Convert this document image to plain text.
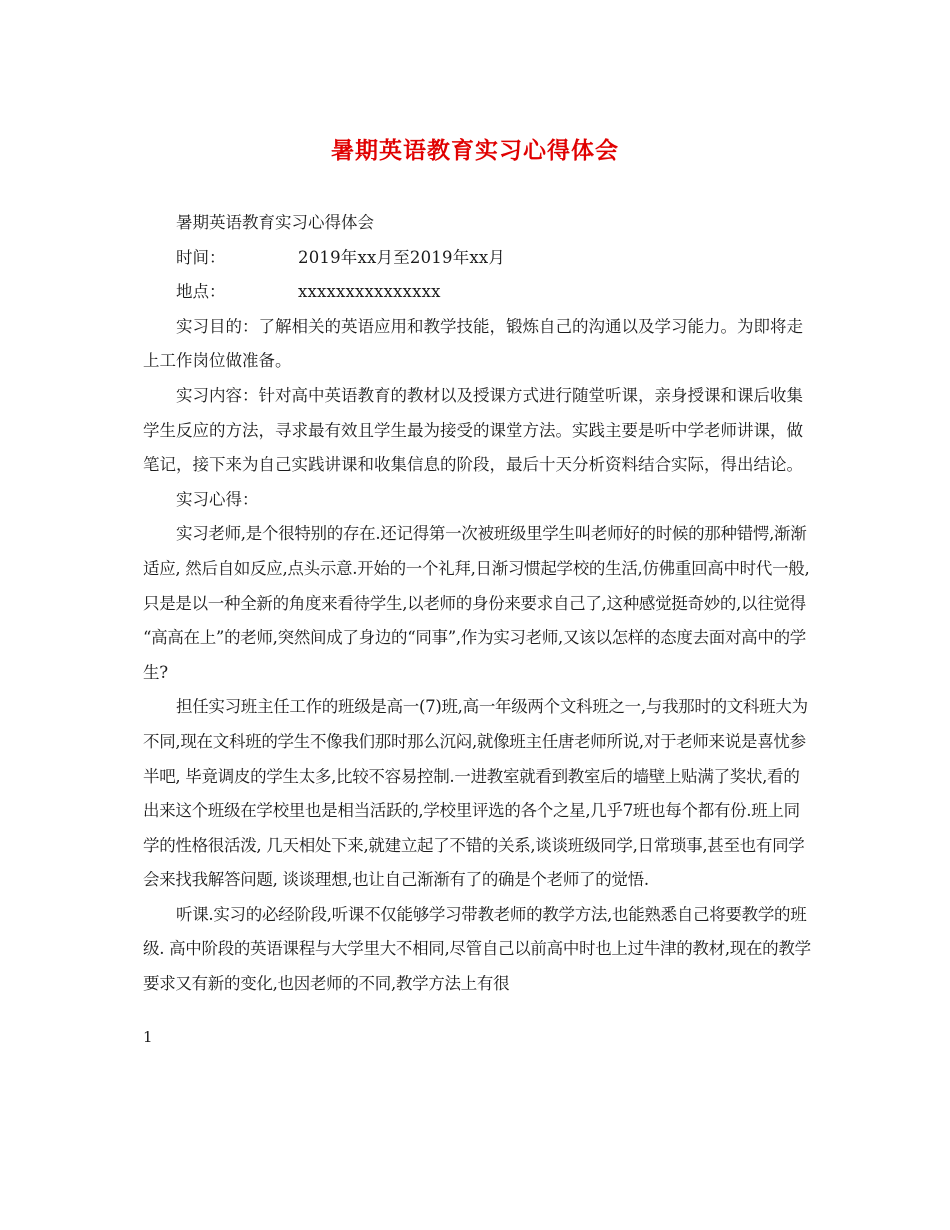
暑期英语教育实习心得体会

暑期英语教育实习心得体会

时间：	2019年xx月至2019年xx月
地点：	xxxxxxxxxxxxxxx

实习目的：了解相关的英语应用和教学技能，锻炼自己的沟通以及学习能力。为即将走上工作岗位做准备。

实习内容：针对高中英语教育的教材以及授课方式进行随堂听课，亲身授课和课后收集学生反应的方法，寻求最有效且学生最为接受的课堂方法。实践主要是听中学老师讲课，做笔记，接下来为自己实践讲课和收集信息的阶段，最后十天分析资料结合实际，得出结论。

实习心得：

实习老师,是个很特别的存在.还记得第一次被班级里学生叫老师好的时候的那种错愕,渐渐适应, 然后自如反应,点头示意.开始的一个礼拜,日渐习惯起学校的生活,仿佛重回高中时代一般, 只是是以一种全新的角度来看待学生,以老师的身份来要求自己了,这种感觉挺奇妙的,以往觉得 “高高在上”的老师,突然间成了身边的“同事”,作为实习老师,又该以怎样的态度去面对高中的学生?

担任实习班主任工作的班级是高一(7)班,高一年级两个文科班之一,与我那时的文科班大为不同,现在文科班的学生不像我们那时那么沉闷,就像班主任唐老师所说,对于老师来说是喜忧参半吧, 毕竟调皮的学生太多,比较不容易控制.一进教室就看到教室后的墙壁上贴满了奖状,看的出来这个班级在学校里也是相当活跃的,学校里评选的各个之星,几乎7班也每个都有份.班上同学的性格很活泼, 几天相处下来,就建立起了不错的关系,谈谈班级同学,日常琐事,甚至也有同学会来找我解答问题, 谈谈理想,也让自己渐渐有了的确是个老师了的觉悟.

听课.实习的必经阶段,听课不仅能够学习带教老师的教学方法,也能熟悉自己将要教学的班级. 高中阶段的英语课程与大学里大不相同,尽管自己以前高中时也上过牛津的教材,现在的教学要求又有新的变化,也因老师的不同,教学方法上有很

1
